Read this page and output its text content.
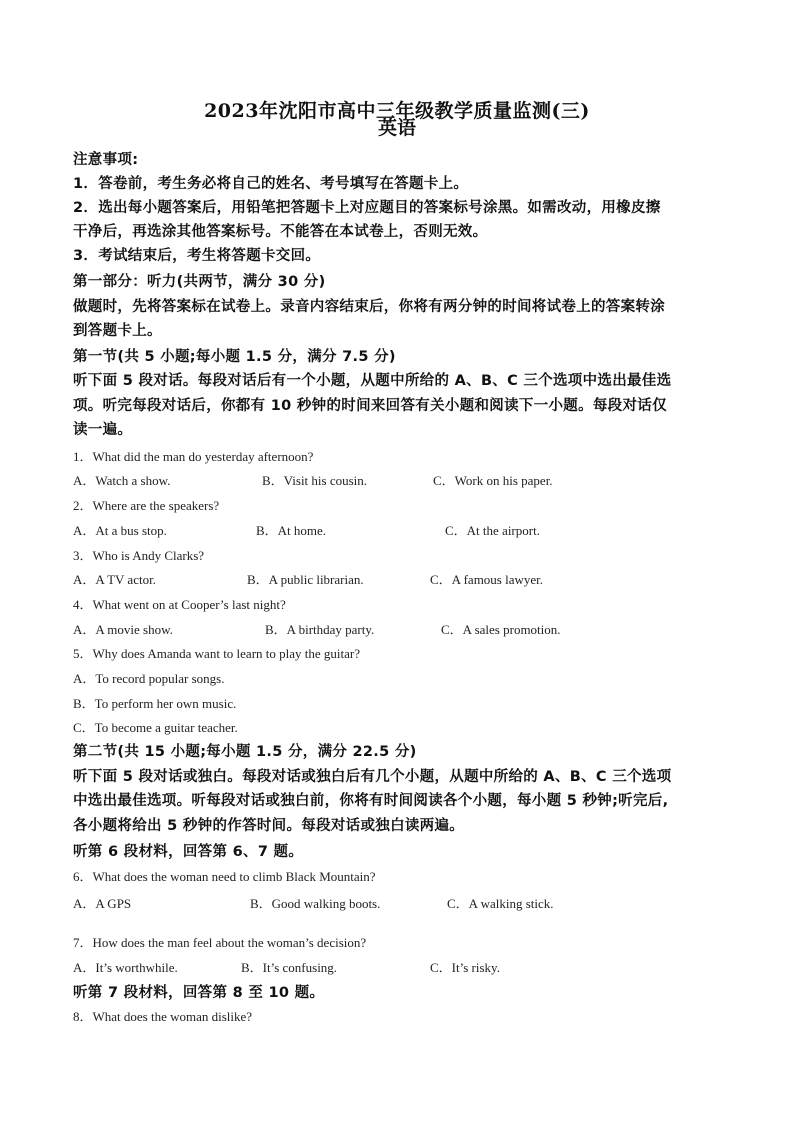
2023年沈阳市高中三年级教学质量监测(三)
英语
注意事项:
1．答卷前，考生务必将自己的姓名、考号填写在答题卡上。
2．选出每小题答案后，用铅笔把答题卡上对应题目的答案标号涂黑。如需改动，用橡皮擦
干净后，再选涂其他答案标号。不能答在本试卷上，否则无效。
3．考试结束后，考生将答题卡交回。
第一部分：听力(共两节，满分 30 分)
做题时，先将答案标在试卷上。录音内容结束后，你将有两分钟的时间将试卷上的答案转涂
到答题卡上。
第一节(共 5 小题;每小题 1.5 分，满分 7.5 分)
听下面 5 段对话。每段对话后有一个小题，从题中所给的 A、B、C 三个选项中选出最佳选
项。听完每段对话后，你都有 10 秒钟的时间来回答有关小题和阅读下一小题。每段对话仅
读一遍。
1．What did the man do yesterday afternoon?
A．Watch a show.	B．Visit his cousin.	C．Work on his paper.
2．Where are the speakers?
A．At a bus stop.	B．At home.	C．At the airport.
3．Who is Andy Clarks?
A．A TV actor.	B．A public librarian.	C．A famous lawyer.
4．What went on at Cooper’s last night?
A．A movie show.	B．A birthday party.	C．A sales promotion.
5．Why does Amanda want to learn to play the guitar?
A．To record popular songs.
B．To perform her own music.
C．To become a guitar teacher.
第二节(共 15 小题;每小题 1.5 分，满分 22.5 分)
听下面 5 段对话或独白。每段对话或独白后有几个小题，从题中所给的 A、B、C 三个选项
中选出最佳选项。听每段对话或独白前，你将有时间阅读各个小题，每小题 5 秒钟;听完后,
各小题将给出 5 秒钟的作答时间。每段对话或独白读两遍。
听第 6 段材料，回答第 6、7 题。
6．What does the woman need to climb Black Mountain?
A．A GPS	B．Good walking boots.	C．A walking stick.
7．How does the man feel about the woman’s decision?
A．It’s worthwhile.	B．It’s confusing.	C．It’s risky.
听第 7 段材料，回答第 8 至 10 题。
8．What does the woman dislike?
